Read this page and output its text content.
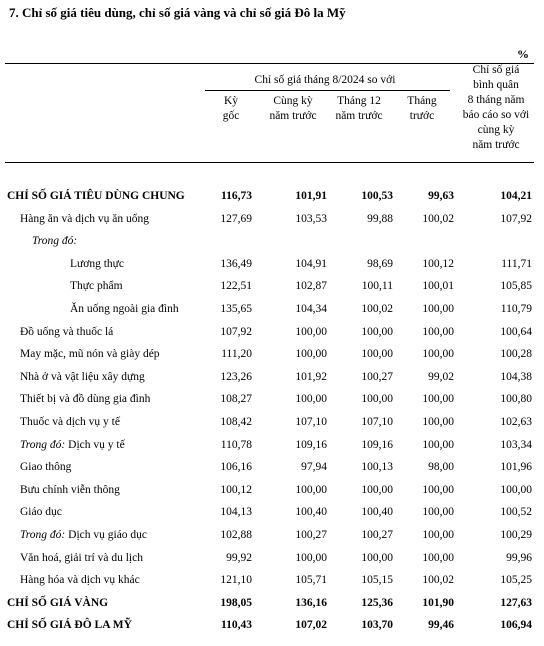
7. Chỉ số giá tiêu dùng, chỉ số giá vàng và chỉ số giá Đô la Mỹ
%
Chỉ số giá tháng 8/2024 so với
Kỳ
gốc
Cùng kỳ
năm trước
Tháng 12
năm trước
Tháng
trước
Chỉ số giá
bình quân
8 tháng năm
báo cáo so với
cùng kỳ
năm trước
CHỈ SỐ GIÁ TIÊU DÙNG CHUNG	116,73	101,91	100,53	99,63	104,21
Hàng ăn và dịch vụ ăn uống	127,69	103,53	99,88	100,02	107,92
Trong đó:
Lương thực	136,49	104,91	98,69	100,12	111,71
Thực phẩm	122,51	102,87	100,11	100,01	105,85
Ăn uống ngoài gia đình	135,65	104,34	100,02	100,00	110,79
Đồ uống và thuốc lá	107,92	100,00	100,00	100,00	100,64
May mặc, mũ nón và giày dép	111,20	100,00	100,00	100,00	100,28
Nhà ở và vật liệu xây dựng	123,26	101,92	100,27	99,02	104,38
Thiết bị và đồ dùng gia đình	108,27	100,00	100,00	100,00	100,80
Thuốc và dịch vụ y tế	108,42	107,10	107,10	100,00	102,63
Trong đó: Dịch vụ y tế	110,78	109,16	109,16	100,00	103,34
Giao thông	106,16	97,94	100,13	98,00	101,96
Bưu chính viễn thông	100,12	100,00	100,00	100,00	100,00
Giáo dục	104,13	100,40	100,40	100,00	100,52
Trong đó: Dịch vụ giáo dục	102,88	100,27	100,27	100,00	100,29
Văn hoá, giải trí và du lịch	99,92	100,00	100,00	100,00	99,96
Hàng hóa và dịch vụ khác	121,10	105,71	105,15	100,02	105,25
CHỈ SỐ GIÁ VÀNG	198,05	136,16	125,36	101,90	127,63
CHỈ SỐ GIÁ ĐÔ LA MỸ	110,43	107,02	103,70	99,46	106,94
